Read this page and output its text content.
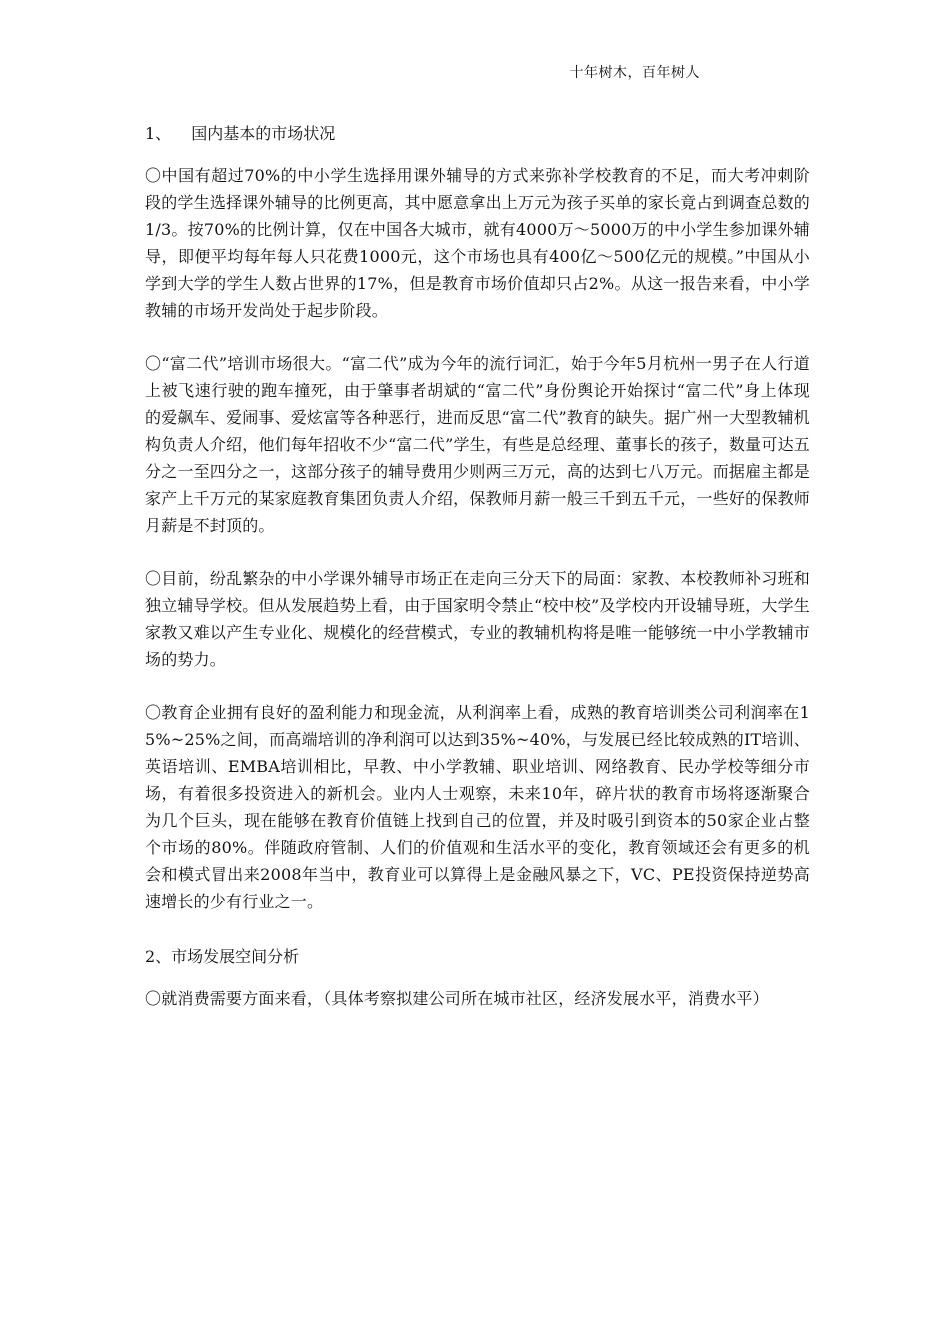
十年树木，百年树人
1、 国内基本的市场状况

〇中国有超过70%的中小学生选择用课外辅导的方式来弥补学校教育的不足，而大考冲刺阶段的学生选择课外辅导的比例更高，其中愿意拿出上万元为孩子买单的家长竟占到调查总数的1/3。按70%的比例计算，仅在中国各大城市，就有4000万～5000万的中小学生参加课外辅导，即便平均每年每人只花费1000元，这个市场也具有400亿～500亿元的规模。”中国从小学到大学的学生人数占世界的17%，但是教育市场价值却只占2%。从这一报告来看，中小学教辅的市场开发尚处于起步阶段。

〇“富二代”培训市场很大。“富二代”成为今年的流行词汇，始于今年5月杭州一男子在人行道上被飞速行驶的跑车撞死，由于肇事者胡斌的“富二代”身份舆论开始探讨“富二代”身上体现的爱飙车、爱闹事、爱炫富等各种恶行，进而反思“富二代”教育的缺失。据广州一大型教辅机构负责人介绍，他们每年招收不少“富二代”学生，有些是总经理、董事长的孩子，数量可达五分之一至四分之一，这部分孩子的辅导费用少则两三万元，高的达到七八万元。而据雇主都是家产上千万元的某家庭教育集团负责人介绍，保教师月薪一般三千到五千元，一些好的保教师月薪是不封顶的。

〇目前，纷乱繁杂的中小学课外辅导市场正在走向三分天下的局面：家教、本校教师补习班和独立辅导学校。但从发展趋势上看，由于国家明令禁止“校中校”及学校内开设辅导班，大学生家教又难以产生专业化、规模化的经营模式，专业的教辅机构将是唯一能够统一中小学教辅市场的势力。

〇教育企业拥有良好的盈利能力和现金流，从利润率上看，成熟的教育培训类公司利润率在15%~25%之间，而高端培训的净利润可以达到35%~40%，与发展已经比较成熟的IT培训、英语培训、EMBA培训相比，早教、中小学教辅、职业培训、网络教育、民办学校等细分市场，有着很多投资进入的新机会。业内人士观察，未来10年，碎片状的教育市场将逐渐聚合为几个巨头，现在能够在教育价值链上找到自己的位置，并及时吸引到资本的50家企业占整个市场的80%。伴随政府管制、人们的价值观和生活水平的变化，教育领域还会有更多的机会和模式冒出来2008年当中，教育业可以算得上是金融风暴之下，VC、PE投资保持逆势高速增长的少有行业之一。

2、市场发展空间分析

〇就消费需要方面来看，（具体考察拟建公司所在城市社区，经济发展水平，消费水平）
